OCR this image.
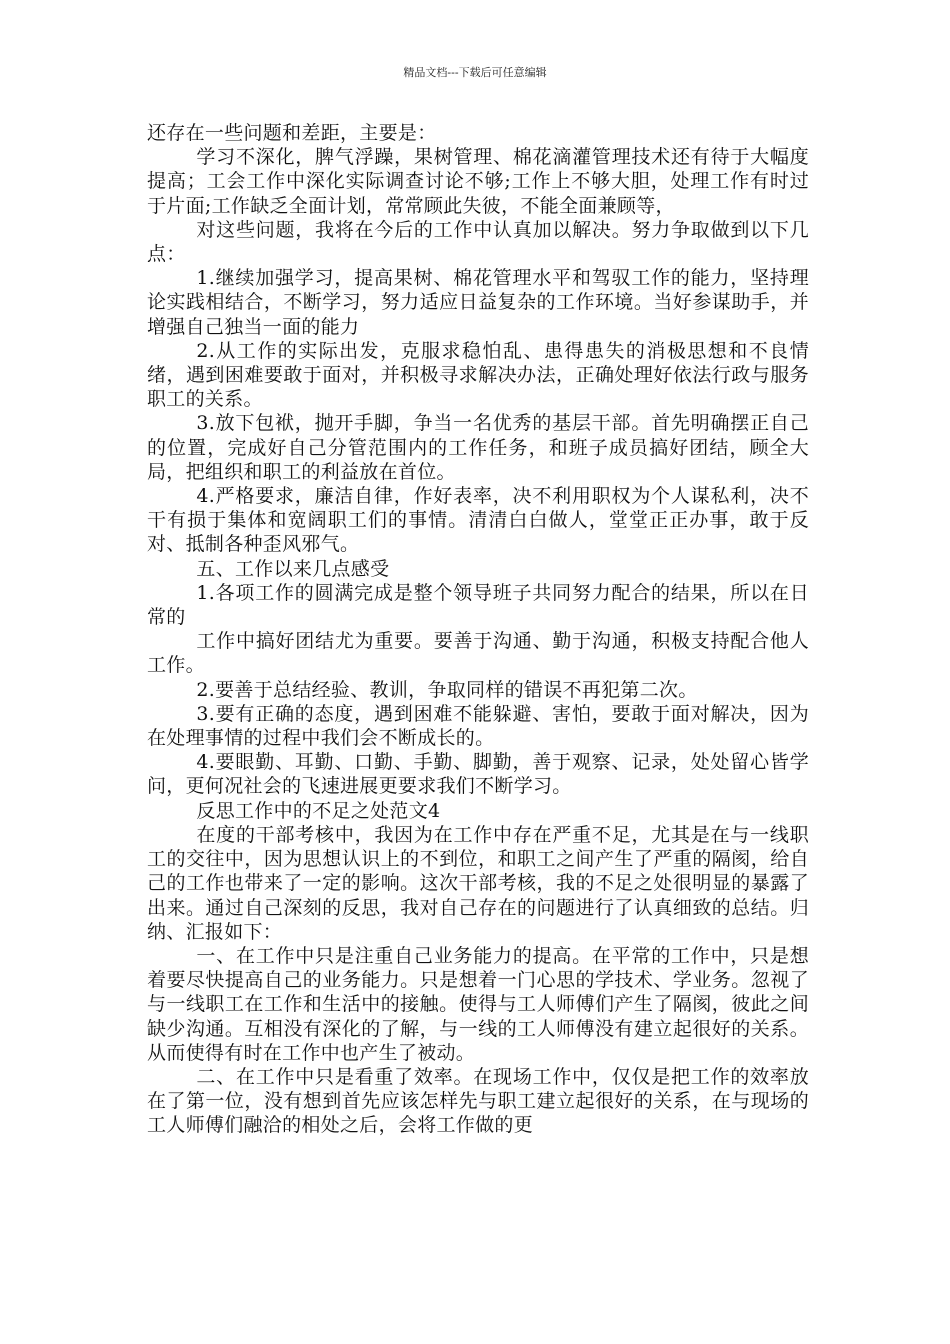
精品文档---下载后可任意编辑

还存在一些问题和差距，主要是：

学习不深化，脾气浮躁，果树管理、棉花滴灌管理技术还有待于大幅度提高；工会工作中深化实际调查讨论不够;工作上不够大胆，处理工作有时过于片面;工作缺乏全面计划，常常顾此失彼，不能全面兼顾等，

对这些问题，我将在今后的工作中认真加以解决。努力争取做到以下几点：

1.继续加强学习，提高果树、棉花管理水平和驾驭工作的能力，坚持理论实践相结合，不断学习，努力适应日益复杂的工作环境。当好参谋助手，并增强自己独当一面的能力

2.从工作的实际出发，克服求稳怕乱、患得患失的消极思想和不良情绪，遇到困难要敢于面对，并积极寻求解决办法，正确处理好依法行政与服务职工的关系。

3.放下包袱，抛开手脚，争当一名优秀的基层干部。首先明确摆正自己的位置，完成好自己分管范围内的工作任务，和班子成员搞好团结，顾全大局，把组织和职工的利益放在首位。

4.严格要求，廉洁自律，作好表率，决不利用职权为个人谋私利，决不干有损于集体和宽阔职工们的事情。清清白白做人，堂堂正正办事，敢于反对、抵制各种歪风邪气。

五、工作以来几点感受

1.各项工作的圆满完成是整个领导班子共同努力配合的结果，所以在日常的

工作中搞好团结尤为重要。要善于沟通、勤于沟通，积极支持配合他人工作。

2.要善于总结经验、教训，争取同样的错误不再犯第二次。

3.要有正确的态度，遇到困难不能躲避、害怕，要敢于面对解决，因为在处理事情的过程中我们会不断成长的。

4.要眼勤、耳勤、口勤、手勤、脚勤，善于观察、记录，处处留心皆学问，更何况社会的飞速进展更要求我们不断学习。

反思工作中的不足之处范文4

在度的干部考核中，我因为在工作中存在严重不足，尤其是在与一线职工的交往中，因为思想认识上的不到位，和职工之间产生了严重的隔阂，给自己的工作也带来了一定的影响。这次干部考核，我的不足之处很明显的暴露了出来。通过自己深刻的反思，我对自己存在的问题进行了认真细致的总结。归纳、汇报如下：

一、在工作中只是注重自己业务能力的提高。在平常的工作中，只是想着要尽快提高自己的业务能力。只是想着一门心思的学技术、学业务。忽视了与一线职工在工作和生活中的接触。使得与工人师傅们产生了隔阂，彼此之间缺少沟通。互相没有深化的了解，与一线的工人师傅没有建立起很好的关系。从而使得有时在工作中也产生了被动。

二、在工作中只是看重了效率。在现场工作中，仅仅是把工作的效率放在了第一位，没有想到首先应该怎样先与职工建立起很好的关系，在与现场的工人师傅们融洽的相处之后，会将工作做的更
